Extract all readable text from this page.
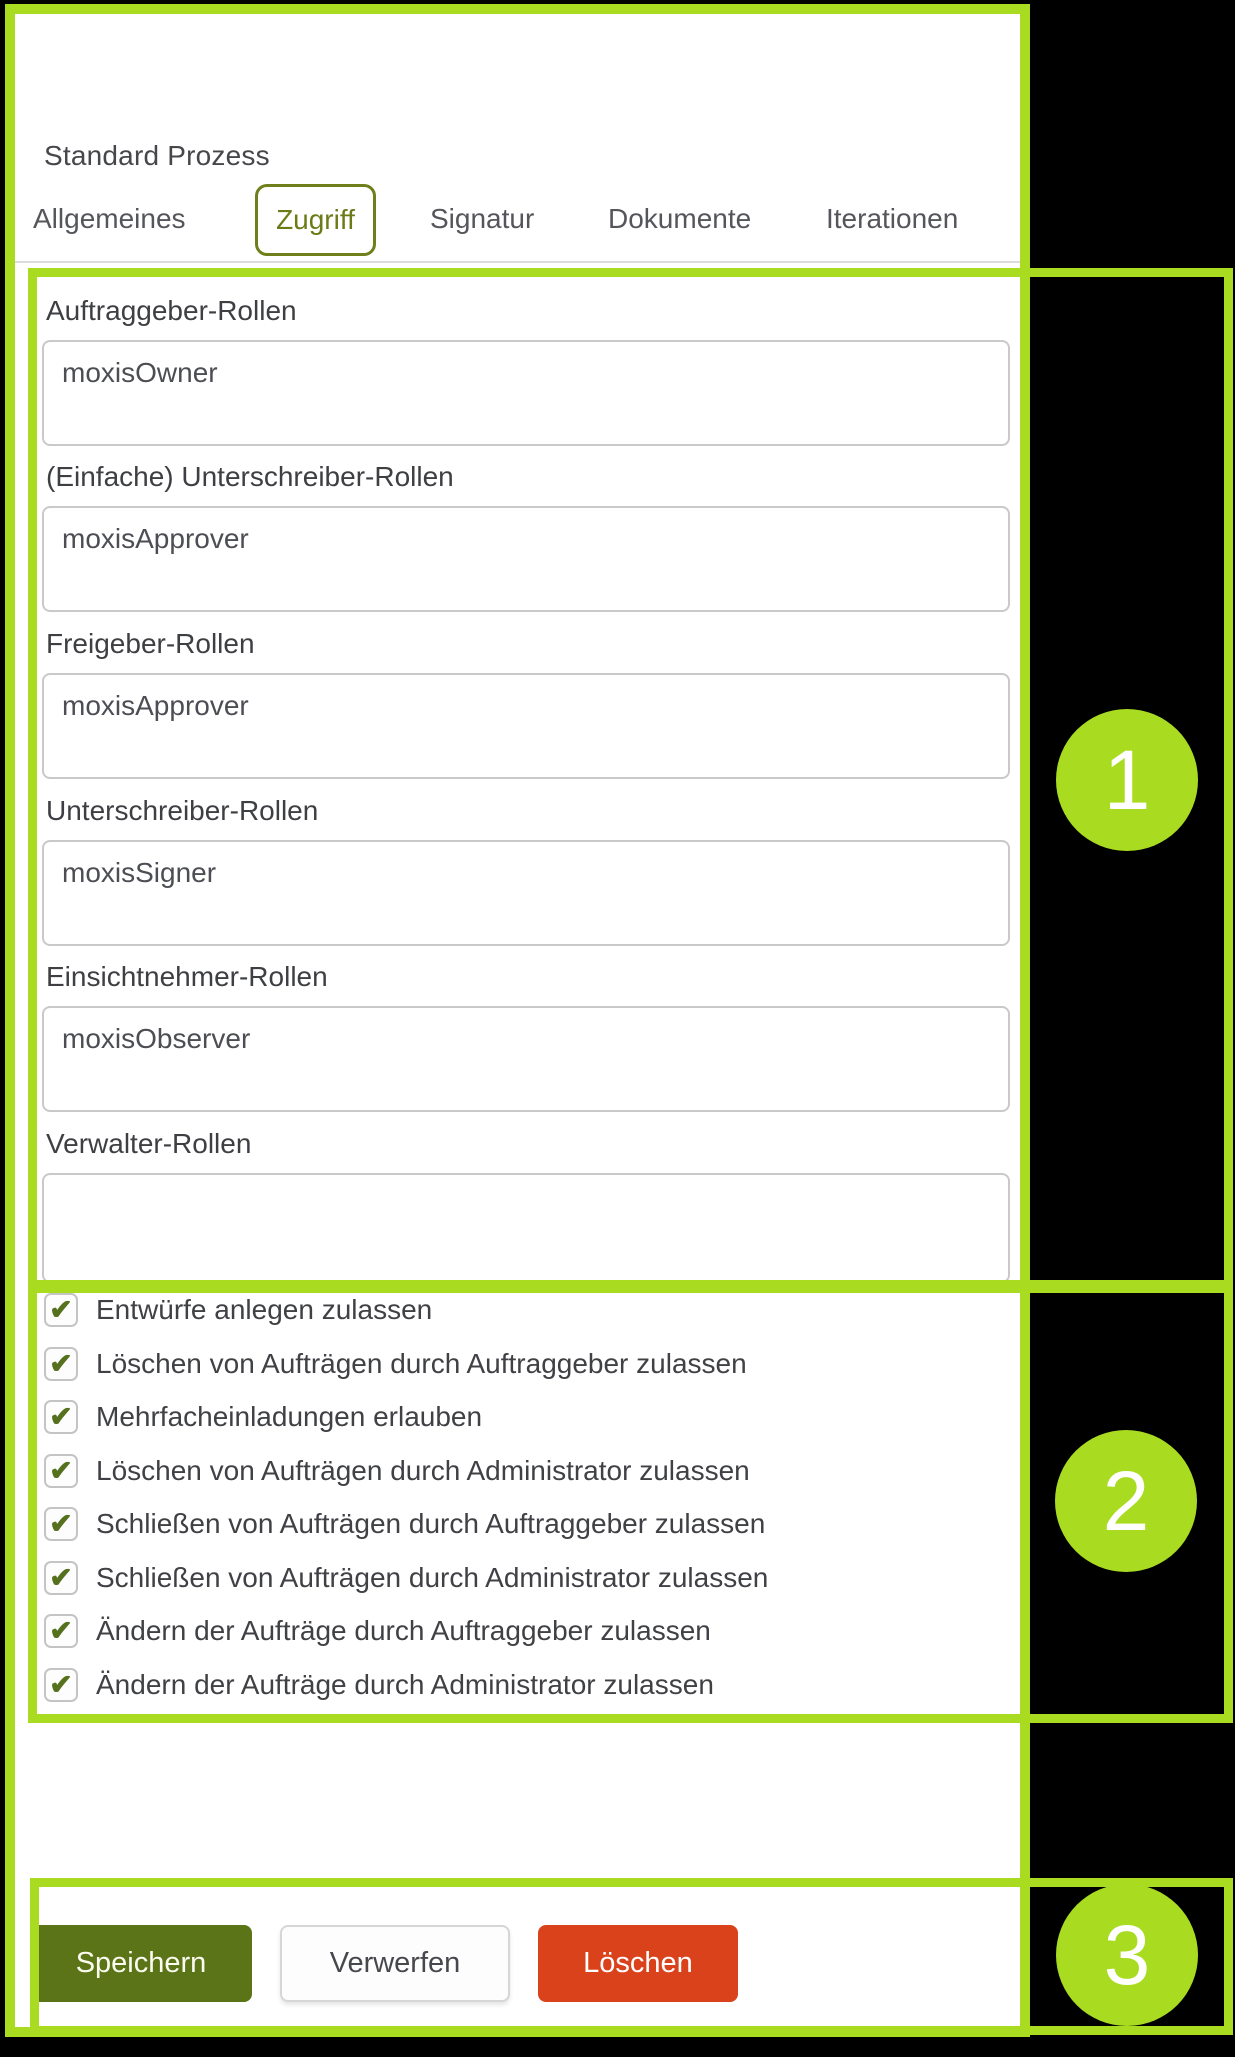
Standard Prozess
Allgemeines	Zugriff	Signatur	Dokumente	Iterationen
Auftraggeber-Rollen
moxisOwner
(Einfache) Unterschreiber-Rollen
moxisApprover
Freigeber-Rollen
moxisApprover
Unterschreiber-Rollen
moxisSigner
Einsichtnehmer-Rollen
moxisObserver
Verwalter-Rollen
✔ Entwürfe anlegen zulassen
✔ Löschen von Aufträgen durch Auftraggeber zulassen
✔ Mehrfacheinladungen erlauben
✔ Löschen von Aufträgen durch Administrator zulassen
✔ Schließen von Aufträgen durch Auftraggeber zulassen
✔ Schließen von Aufträgen durch Administrator zulassen
✔ Ändern der Aufträge durch Auftraggeber zulassen
✔ Ändern der Aufträge durch Administrator zulassen
Speichern	Verwerfen	Löschen
1
2
3
